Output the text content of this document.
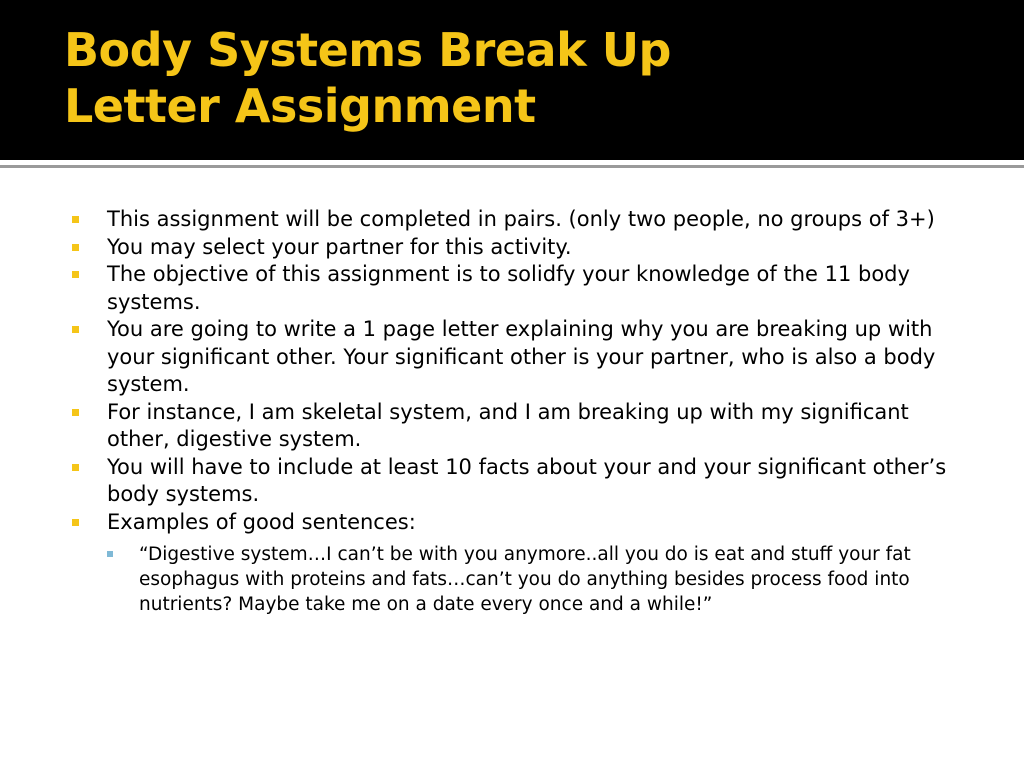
Body Systems Break Up
Letter Assignment
This assignment will be completed in pairs. (only two people, no groups of 3+)
You may select your partner for this activity.
The objective of this assignment is to solidfy your knowledge of the 11 body systems.
You are going to write a 1 page letter explaining why you are breaking up with your significant other. Your significant other is your partner, who is also a body system.
For instance, I am skeletal system, and I am breaking up with my significant other, digestive system.
You will have to include at least 10 facts about your and your significant other’s body systems.
Examples of good sentences:
“Digestive system…I can’t be with you anymore..all you do is eat and stuff your fat esophagus with proteins and fats…can’t you do anything besides process food into nutrients? Maybe take me on a date every once and a while!”
